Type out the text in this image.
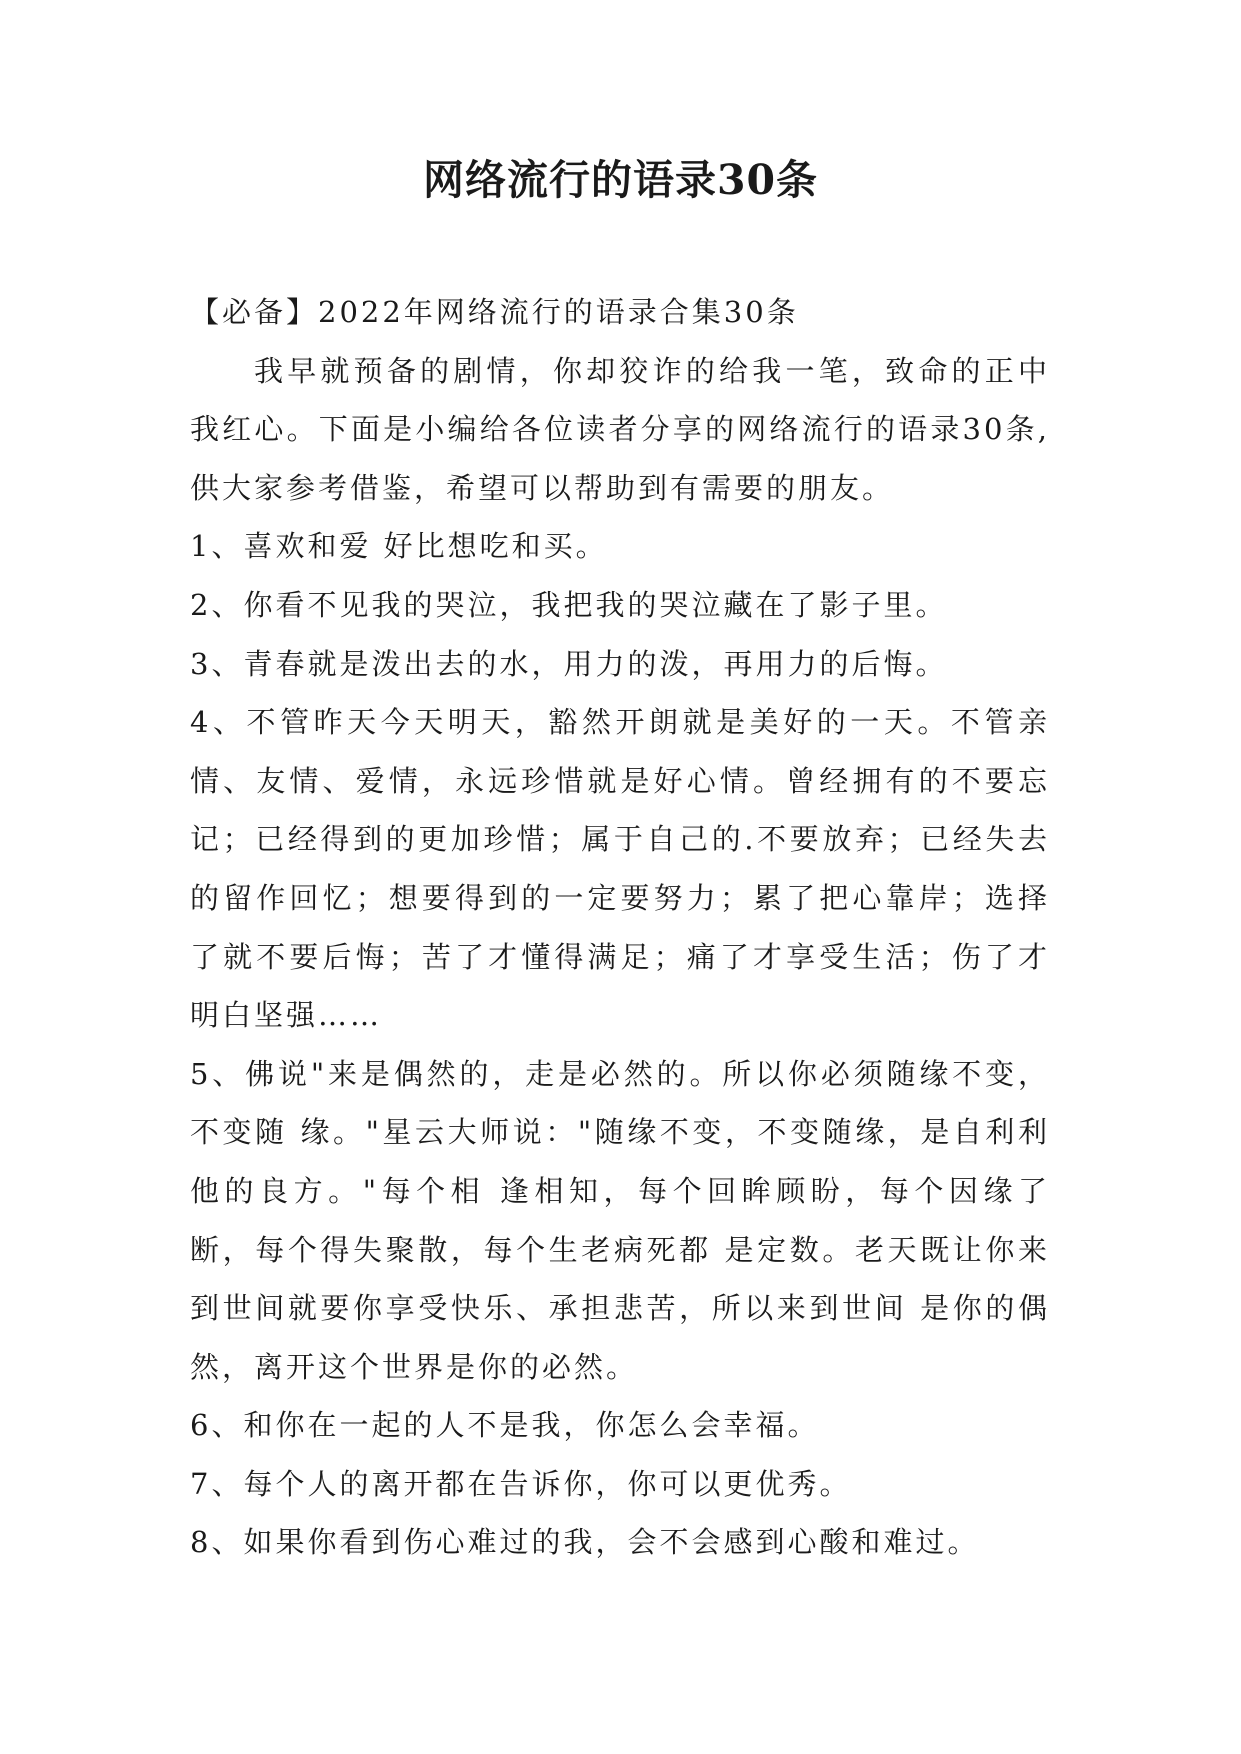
网络流行的语录30条

【必备】2022年网络流行的语录合集30条

我早就预备的剧情，你却狡诈的给我一笔，致命的正中我红心。下面是小编给各位读者分享的网络流行的语录30条,供大家参考借鉴，希望可以帮助到有需要的朋友。

1、喜欢和爱 好比想吃和买。

2、你看不见我的哭泣，我把我的哭泣藏在了影子里。

3、青春就是泼出去的水，用力的泼，再用力的后悔。

4、不管昨天今天明天，豁然开朗就是美好的一天。不管亲情、友情、爱情，永远珍惜就是好心情。曾经拥有的不要忘记；已经得到的更加珍惜；属于自己的.不要放弃；已经失去的留作回忆；想要得到的一定要努力；累了把心靠岸；选择了就不要后悔；苦了才懂得满足；痛了才享受生活；伤了才明白坚强……

5、佛说"来是偶然的，走是必然的。所以你必须随缘不变，不变随 缘。"星云大师说："随缘不变，不变随缘，是自利利他的良方。"每个相 逢相知，每个回眸顾盼，每个因缘了断，每个得失聚散，每个生老病死都 是定数。老天既让你来到世间就要你享受快乐、承担悲苦，所以来到世间 是你的偶然，离开这个世界是你的必然。

6、和你在一起的人不是我，你怎么会幸福。

7、每个人的离开都在告诉你，你可以更优秀。

8、如果你看到伤心难过的我，会不会感到心酸和难过。
